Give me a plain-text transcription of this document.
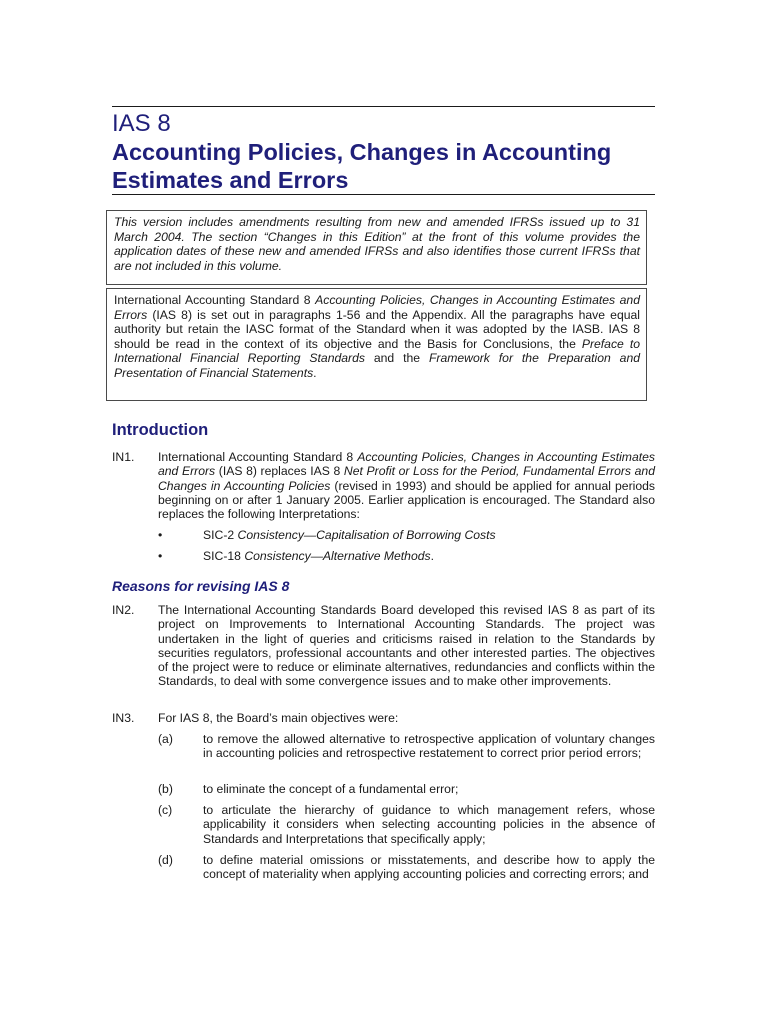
IAS 8
Accounting Policies, Changes in Accounting
Estimates and Errors
This version includes amendments resulting from new and amended IFRSs issued up to 31 March 2004. The section “Changes in this Edition” at the front of this volume provides the application dates of these new and amended IFRSs and also identifies those current IFRSs that are not included in this volume.
International Accounting Standard 8 Accounting Policies, Changes in Accounting Estimates and Errors (IAS 8) is set out in paragraphs 1-56 and the Appendix. All the paragraphs have equal authority but retain the IASC format of the Standard when it was adopted by the IASB. IAS 8 should be read in the context of its objective and the Basis for Conclusions, the Preface to International Financial Reporting Standards and the Framework for the Preparation and Presentation of Financial Statements.
Introduction
IN1.	International Accounting Standard 8 Accounting Policies, Changes in Accounting Estimates and Errors (IAS 8) replaces IAS 8 Net Profit or Loss for the Period, Fundamental Errors and Changes in Accounting Policies (revised in 1993) and should be applied for annual periods beginning on or after 1 January 2005. Earlier application is encouraged. The Standard also replaces the following Interpretations:
•	SIC-2 Consistency—Capitalisation of Borrowing Costs
•	SIC-18 Consistency—Alternative Methods.
Reasons for revising IAS 8
IN2.	The International Accounting Standards Board developed this revised IAS 8 as part of its project on Improvements to International Accounting Standards. The project was undertaken in the light of queries and criticisms raised in relation to the Standards by securities regulators, professional accountants and other interested parties. The objectives of the project were to reduce or eliminate alternatives, redundancies and conflicts within the Standards, to deal with some convergence issues and to make other improvements.
IN3.	For IAS 8, the Board’s main objectives were:
(a) to remove the allowed alternative to retrospective application of voluntary changes in accounting policies and retrospective restatement to correct prior period errors;
(b) to eliminate the concept of a fundamental error;
(c)	to articulate the hierarchy of guidance to which management refers, whose applicability it considers when selecting accounting policies in the absence of Standards and Interpretations that specifically apply;
(d) to define material omissions or misstatements, and describe how to apply the concept of materiality when applying accounting policies and correcting errors; and
